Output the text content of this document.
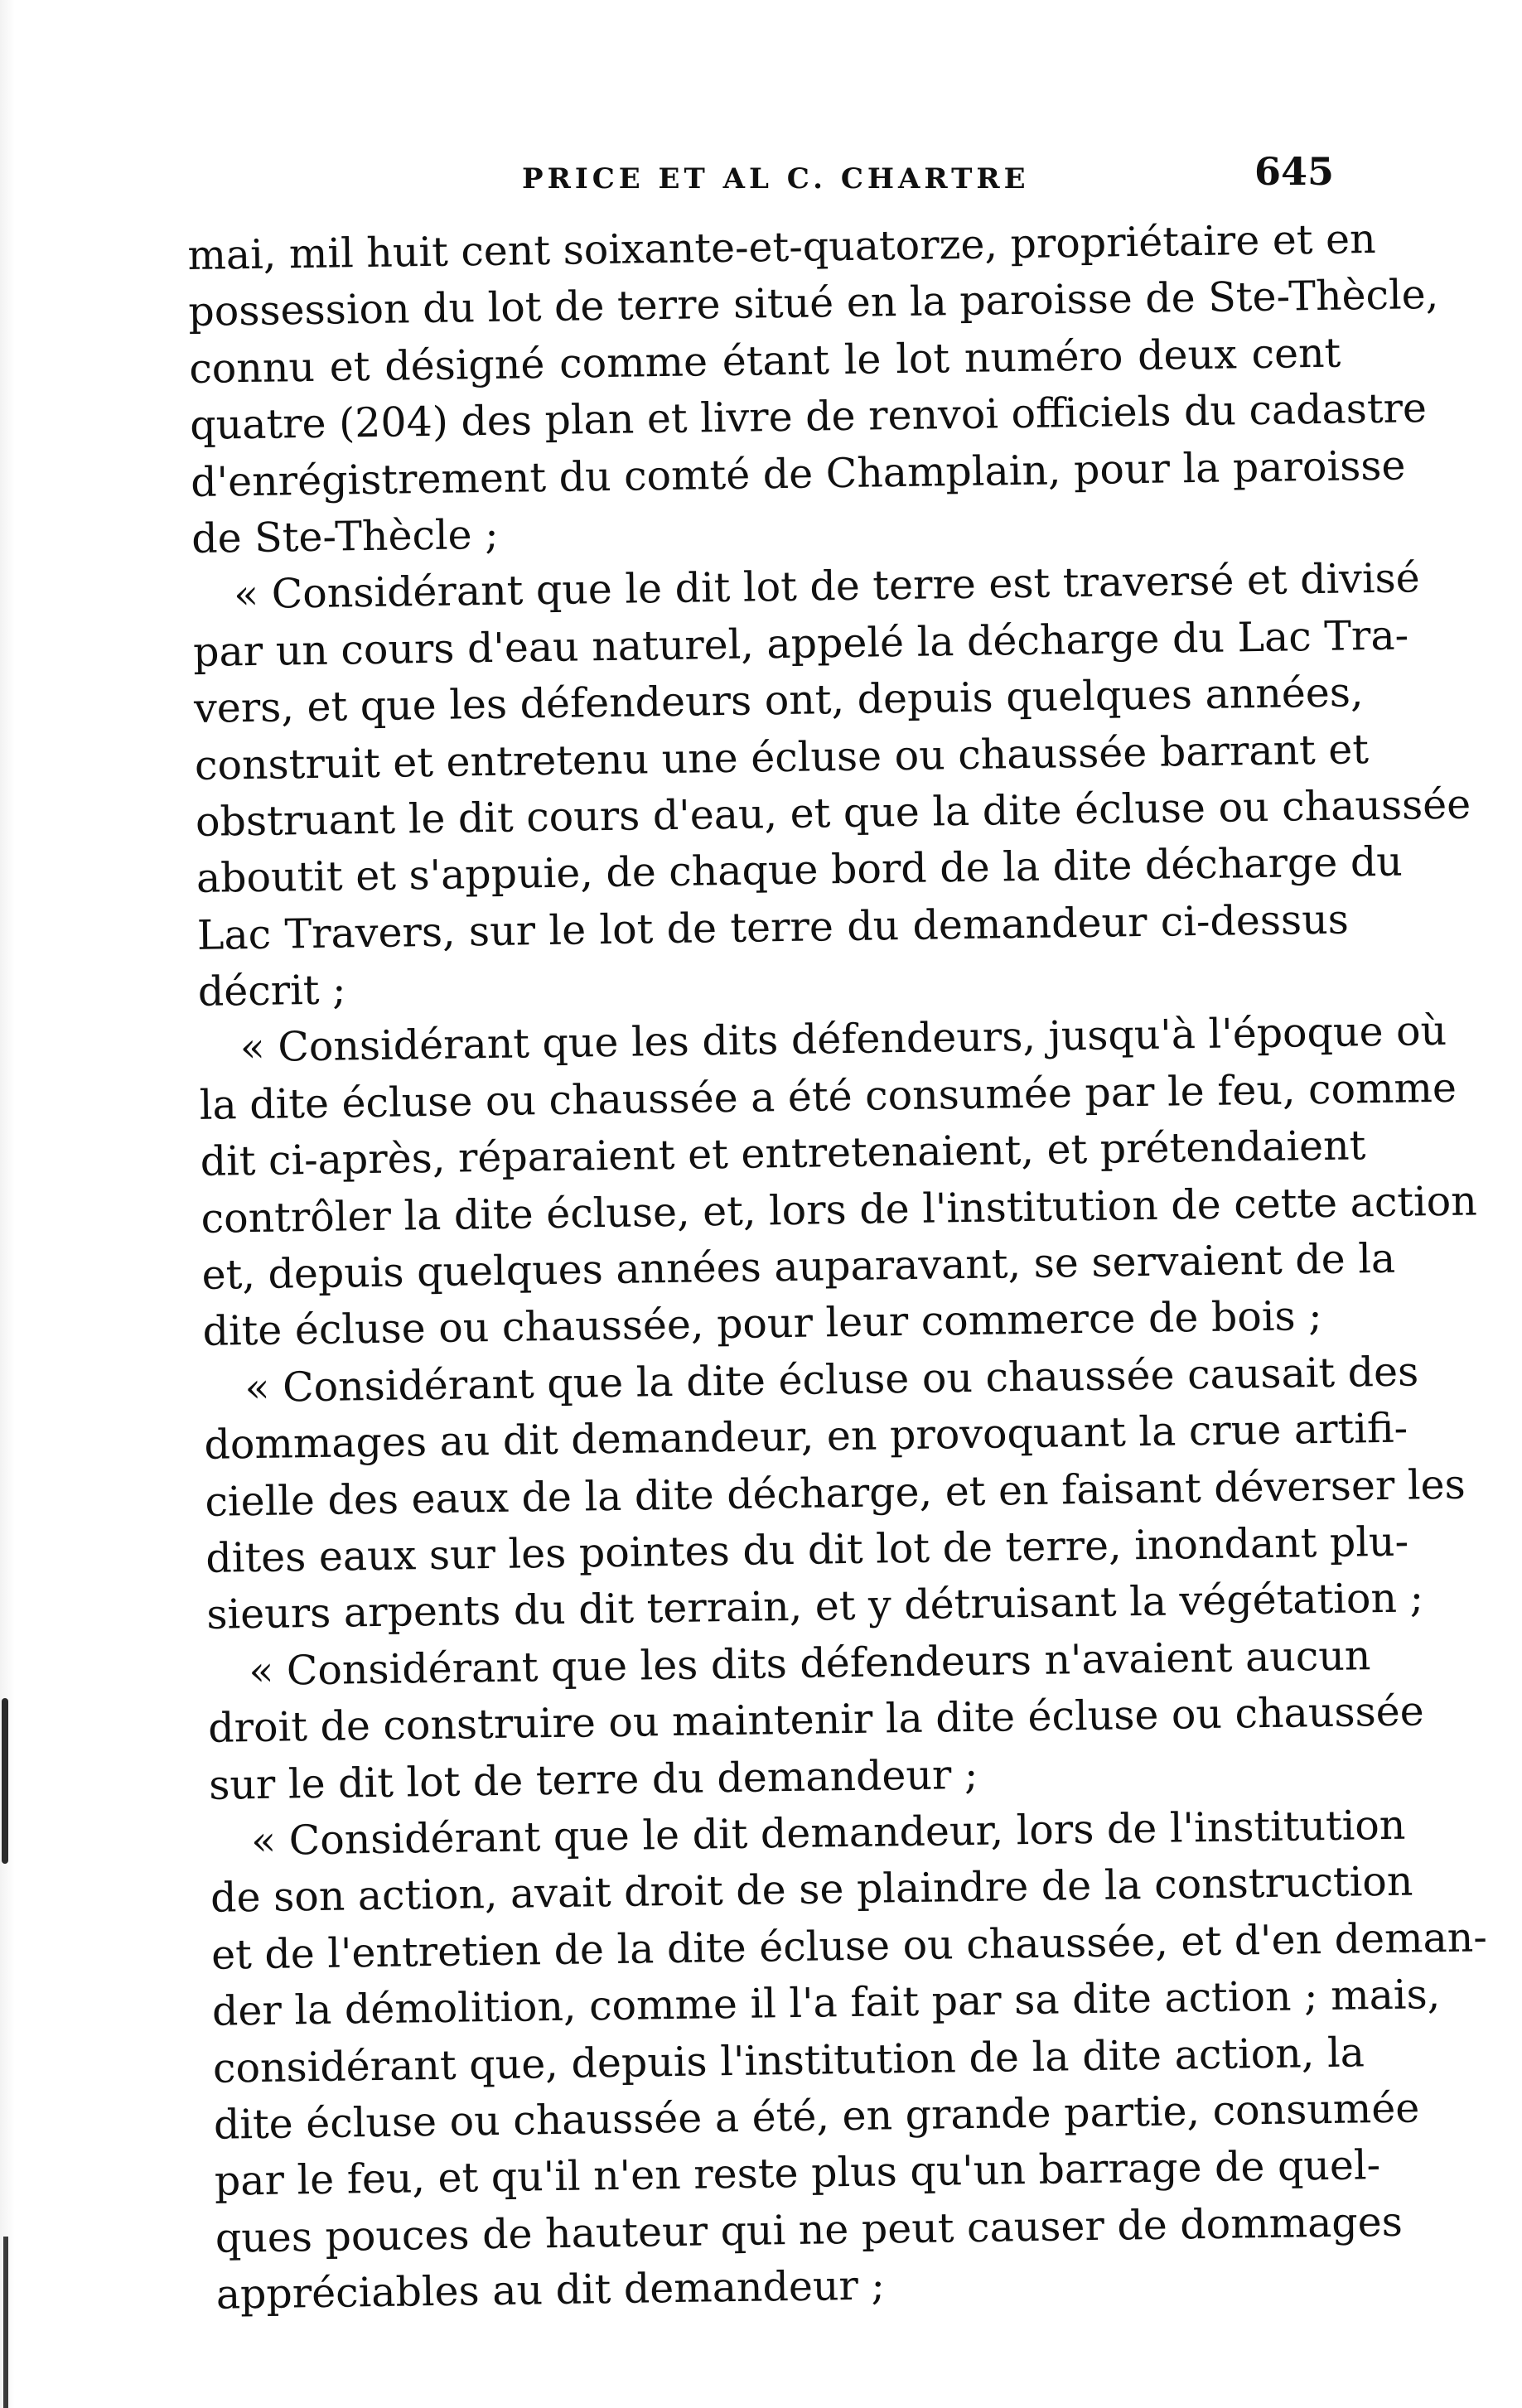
PRICE ET AL C. CHARTRE	645
mai, mil huit cent soixante-et-quatorze, propriétaire et en
possession du lot de terre situé en la paroisse de Ste-Thècle,
connu et désigné comme étant le lot numéro deux cent
quatre (204) des plan et livre de renvoi officiels du cadastre
d'enrégistrement du comté de Champlain, pour la paroisse
de Ste-Thècle ;
« Considérant que le dit lot de terre est traversé et divisé
par un cours d'eau naturel, appelé la décharge du Lac Tra-
vers, et que les défendeurs ont, depuis quelques années,
construit et entretenu une écluse ou chaussée barrant et
obstruant le dit cours d'eau, et que la dite écluse ou chaussée
aboutit et s'appuie, de chaque bord de la dite décharge du
Lac Travers, sur le lot de terre du demandeur ci-dessus
décrit ;
« Considérant que les dits défendeurs, jusqu'à l'époque où
la dite écluse ou chaussée a été consumée par le feu, comme
dit ci-après, réparaient et entretenaient, et prétendaient
contrôler la dite écluse, et, lors de l'institution de cette action
et, depuis quelques années auparavant, se servaient de la
dite écluse ou chaussée, pour leur commerce de bois ;
« Considérant que la dite écluse ou chaussée causait des
dommages au dit demandeur, en provoquant la crue artifi-
cielle des eaux de la dite décharge, et en faisant déverser les
dites eaux sur les pointes du dit lot de terre, inondant plu-
sieurs arpents du dit terrain, et y détruisant la végétation ;
« Considérant que les dits défendeurs n'avaient aucun
droit de construire ou maintenir la dite écluse ou chaussée
sur le dit lot de terre du demandeur ;
« Considérant que le dit demandeur, lors de l'institution
de son action, avait droit de se plaindre de la construction
et de l'entretien de la dite écluse ou chaussée, et d'en deman-
der la démolition, comme il l'a fait par sa dite action ; mais,
considérant que, depuis l'institution de la dite action, la
dite écluse ou chaussée a été, en grande partie, consumée
par le feu, et qu'il n'en reste plus qu'un barrage de quel-
ques pouces de hauteur qui ne peut causer de dommages
appréciables au dit demandeur ;
